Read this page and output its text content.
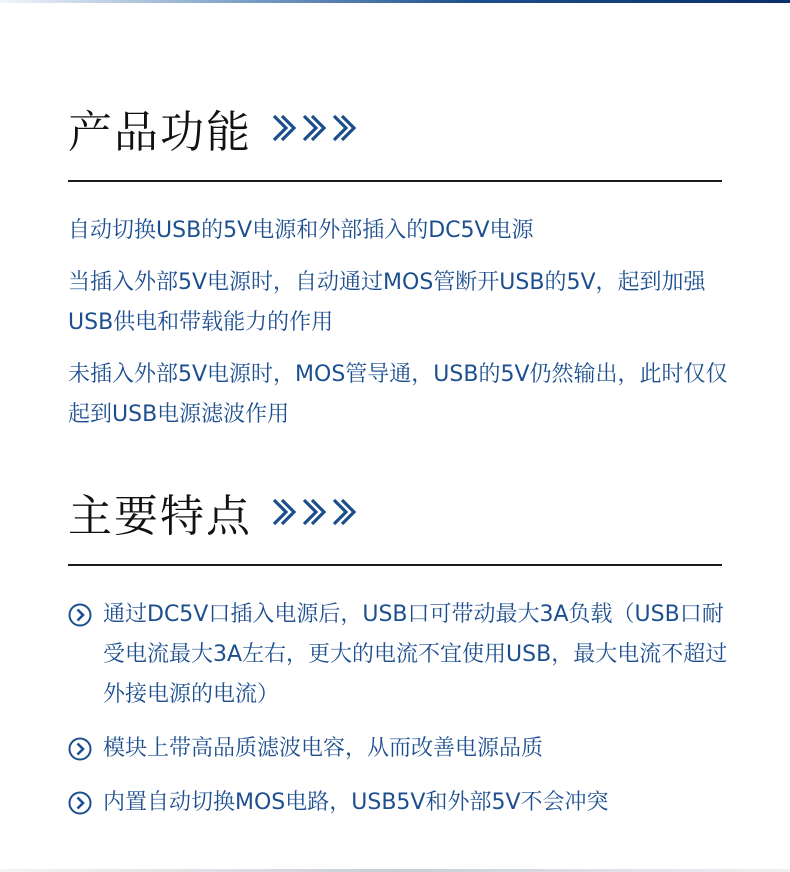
产品功能
自动切换USB的5V电源和外部插入的DC5V电源
当插入外部5V电源时，自动通过MOS管断开USB的5V，起到加强USB供电和带载能力的作用
未插入外部5V电源时，MOS管导通，USB的5V仍然输出，此时仅仅起到USB电源滤波作用
主要特点
通过DC5V口插入电源后，USB口可带动最大3A负载（USB口耐受电流最大3A左右，更大的电流不宜使用USB，最大电流不超过外接电源的电流）
模块上带高品质滤波电容，从而改善电源品质
内置自动切换MOS电路，USB5V和外部5V不会冲突
